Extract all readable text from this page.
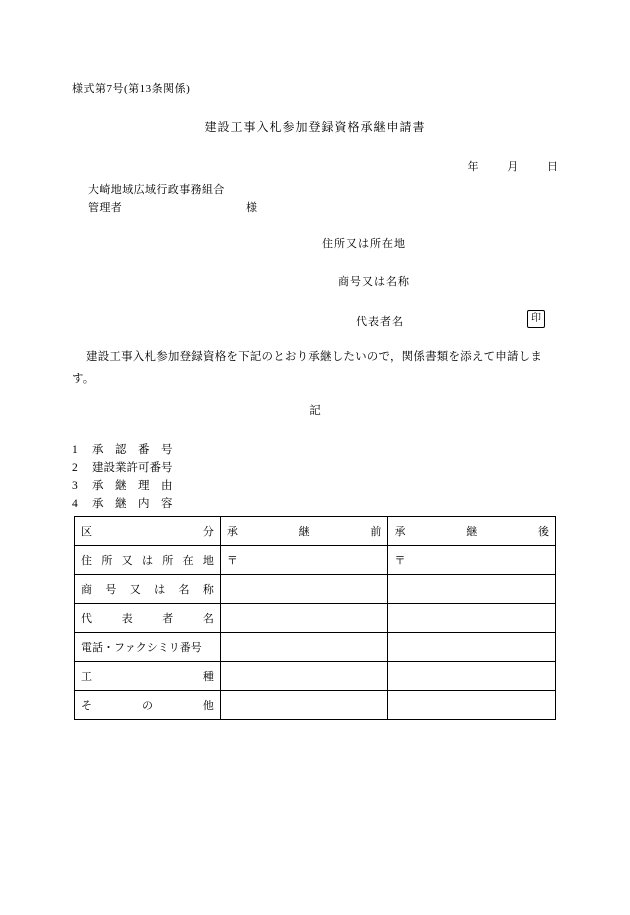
様式第7号(第13条関係)
建設工事入札参加登録資格承継申請書
年	月	日
大崎地域広域行政事務組合
管理者	様
住所又は所在地
商号又は名称
代表者名	印
建設工事入札参加登録資格を下記のとおり承継したいので，関係書類を添えて申請します。
記
1 承　認　番　号
2 建設業許可番号
3 承　継　理　由
4 承　継　内　容
区 分	承 継 前	承 継 後

住 所 又 は 所 在 地	〒	〒

商 号 又 は 名 称

代 表 者 名		

電話・ファクシミリ番号		

工 種		

そ の 他		
